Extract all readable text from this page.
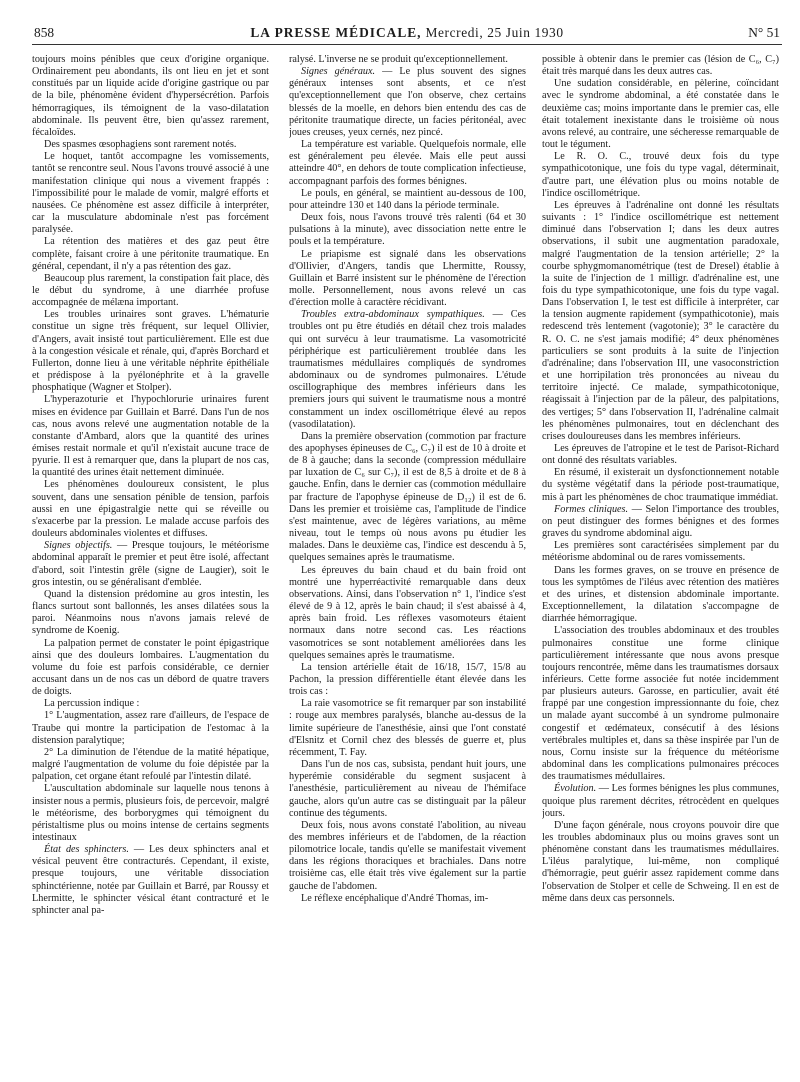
858	LA PRESSE MÉDICALE, Mercredi, 25 Juin 1930	N° 51

toujours moins pénibles que ceux d'origine organique. Ordinairement peu abondants, ils ont lieu en jet et sont constitués par un liquide acide d'origine gastrique ou par de la bile, phénomène évident d'hypersécrétion. Parfois hémorragiques, ils témoignent de la vaso-dilatation abdominale. Ils peuvent être, bien qu'assez rarement, fécaloïdes.

Des spasmes œsophagiens sont rarement notés.

Le hoquet, tantôt accompagne les vomissements, tantôt se rencontre seul. Nous l'avons trouvé associé à une manifestation clinique qui nous a vivement frappés : l'impossibilité pour le malade de vomir, malgré efforts et nausées. Ce phénomène est assez difficile à interpréter, car la musculature abdominale n'est pas forcément paralysée.

La rétention des matières et des gaz peut être complète, faisant croire à une péritonite traumatique. En général, cependant, il n'y a pas rétention des gaz.

Beaucoup plus rarement, la constipation fait place, dès le début du syndrome, à une diarrhée profuse accompagnée de mélæna important.

Les troubles urinaires sont graves. L'hématurie constitue un signe très fréquent, sur lequel Ollivier, d'Angers, avait insisté tout particulièrement. Elle est due à la congestion vésicale et rénale, qui, d'après Borchard et Fullerton, donne lieu à une véritable néphrite épithéliale et prédispose à la pyélonéphrite et à la gravelle phosphatique (Wagner et Stolper).

L'hyperazoturie et l'hypochlorurie urinaires furent mises en évidence par Guillain et Barré. Dans l'un de nos cas, nous avons relevé une augmentation notable de la constante d'Ambard, alors que la quantité des urines émises restait normale et qu'il n'existait aucune trace de pyurie. Il est à remarquer que, dans la plupart de nos cas, la quantité des urines était nettement diminuée.

Les phénomènes douloureux consistent, le plus souvent, dans une sensation pénible de tension, parfois aussi en une épigastralgie nette qui se réveille ou s'exacerbe par la pression. Le malade accuse parfois des douleurs abdominales violentes et diffuses.

Signes objectifs. — Presque toujours, le météorisme abdominal apparaît le premier et peut être isolé, affectant d'abord, soit l'intestin grêle (signe de Laugier), soit le gros intestin, ou se généralisant d'emblée.

Quand la distension prédomine au gros intestin, les flancs surtout sont ballonnés, les anses dilatées sous la paroi. Néanmoins nous n'avons jamais relevé de syndrome de Koenig.

La palpation permet de constater le point épigastrique ainsi que des douleurs lombaires. L'augmentation du volume du foie est parfois considérable, ce dernier accusant dans un de nos cas un débord de quatre travers de doigts.

La percussion indique :

1° L'augmentation, assez rare d'ailleurs, de l'espace de Traube qui montre la participation de l'estomac à la distension paralytique;

2° La diminution de l'étendue de la matité hépatique, malgré l'augmentation de volume du foie dépistée par la palpation, cet organe étant refoulé par l'intestin dilaté.

L'auscultation abdominale sur laquelle nous tenons à insister nous a permis, plusieurs fois, de percevoir, malgré le météorisme, des borborygmes qui témoignent du péristaltisme plus ou moins intense de certains segments intestinaux

État des sphincters. — Les deux sphincters anal et vésical peuvent être contracturés. Cependant, il existe, presque toujours, une véritable dissociation sphinctérienne, notée par Guillain et Barré, par Roussy et Lhermitte, le sphincter vésical étant contracturé et le sphincter anal pa-

ralysé. L'inverse ne se produit qu'exceptionnellement.

Signes généraux. — Le plus souvent des signes généraux intenses sont absents, et ce n'est qu'exceptionnellement que l'on observe, chez certains blessés de la moelle, en dehors bien entendu des cas de péritonite traumatique directe, un facies péritonéal, avec joues creuses, yeux cernés, nez pincé.

La température est variable. Quelquefois normale, elle est généralement peu élevée. Mais elle peut aussi atteindre 40°, en dehors de toute complication infectieuse, accompagnant parfois des formes bénignes.

Le pouls, en général, se maintient au-dessous de 100, pour atteindre 130 et 140 dans la période terminale.

Deux fois, nous l'avons trouvé très ralenti (64 et 30 pulsations à la minute), avec dissociation nette entre le pouls et la température.

Le priapisme est signalé dans les observations d'Ollivier, d'Angers, tandis que Lhermitte, Roussy, Guillain et Barré insistent sur le phénomène de l'érection molle. Personnellement, nous avons relevé un cas d'érection molle à caractère récidivant.

Troubles extra-abdominaux sympathiques. — Ces troubles ont pu être étudiés en détail chez trois malades qui ont survécu à leur traumatisme. La vasomotricité périphérique est particulièrement troublée dans les traumatismes médullaires compliqués de syndromes abdominaux ou de syndromes pulmonaires. L'étude oscillographique des membres inférieurs dans les premiers jours qui suivent le traumatisme nous a montré constamment un index oscillométrique élevé au repos (vasodilatation).

Dans la première observation (commotion par fracture des apophyses épineuses de C₆, C₇) il est de 10 à droite et de 8 à gauche; dans la seconde (compression médullaire par luxation de C₆ sur C₇), il est de 8,5 à droite et de 8 à gauche. Enfin, dans le dernier cas (commotion médullaire par fracture de l'apophyse épineuse de D₁₂) il est de 6. Dans les premier et troisième cas, l'amplitude de l'indice s'est maintenue, avec de légères variations, au même niveau, tout le temps où nous avons pu étudier les malades. Dans le deuxième cas, l'indice est descendu à 5, quelques semaines après le traumatisme.

Les épreuves du bain chaud et du bain froid ont montré une hyperréactivité remarquable dans deux observations. Ainsi, dans l'observation n° 1, l'indice s'est élevé de 9 à 12, après le bain chaud; il s'est abaissé à 4, après bain froid. Les réflexes vasomoteurs étaient normaux dans notre second cas. Les réactions vasomotrices se sont notablement améliorées dans les quelques semaines après le traumatisme.

La tension artérielle était de 16/18, 15/7, 15/8 au Pachon, la pression différentielle étant élevée dans les trois cas :

La raie vasomotrice se fit remarquer par son instabilité : rouge aux membres paralysés, blanche au-dessus de la limite supérieure de l'anesthésie, ainsi que l'ont constaté d'Elsnitz et Cornil chez des blessés de guerre et, plus récemment, T. Fay.

Dans l'un de nos cas, subsista, pendant huit jours, une hyperémie considérable du segment susjacent à l'anesthésie, particulièrement au niveau de l'hémiface gauche, alors qu'un autre cas se distinguait par la pâleur continue des téguments.

Deux fois, nous avons constaté l'abolition, au niveau des membres inférieurs et de l'abdomen, de la réaction pilomotrice locale, tandis qu'elle se manifestait vivement dans les régions thoraciques et brachiales. Dans notre troisième cas, elle était très vive également sur la partie gauche de l'abdomen.

Le réflexe encéphalique d'André Thomas, im-

possible à obtenir dans le premier cas (lésion de C₆, C₇) était très marqué dans les deux autres cas.

Une sudation considérable, en pèlerine, coïncidant avec le syndrome abdominal, a été constatée dans le deuxième cas; moins importante dans le premier cas, elle était totalement inexistante dans le troisième où nous avons relevé, au contraire, une sécheresse remarquable de tout le tégument.

Le R. O. C., trouvé deux fois du type sympathicotonique, une fois du type vagal, déterminait, d'autre part, une élévation plus ou moins notable de l'indice oscillométrique.

Les épreuves à l'adrénaline ont donné les résultats suivants : 1° l'indice oscillométrique est nettement diminué dans l'observation I; dans les deux autres observations, il subit une augmentation paradoxale, malgré l'augmentation de la tension artérielle; 2° la courbe sphygmomanométrique (test de Dresel) établie à la suite de l'injection de 1 milligr. d'adrénaline est, une fois du type sympathicotonique, une fois du type vagal. Dans l'observation I, le test est difficile à interpréter, car la tension augmente rapidement (sympathicotonie), mais redescend très lentement (vagotonie); 3° le caractère du R. O. C. ne s'est jamais modifié; 4° deux phénomènes particuliers se sont produits à la suite de l'injection d'adrénaline; dans l'observation III, une vasoconstriction et une horripilation très prononcées au niveau du territoire injecté. Ce malade, sympathicotonique, réagissait à l'injection par de la pâleur, des palpitations, des vertiges; 5° dans l'observation II, l'adrénaline calmait les phénomènes pulmonaires, tout en déclenchant des crises douloureuses dans les membres inférieurs.

Les épreuves de l'atropine et le test de Parisot-Richard ont donné des résultats variables.

En résumé, il existerait un dysfonctionnement notable du système végétatif dans la période post-traumatique, mis à part les phénomènes de choc traumatique immédiat.

Formes cliniques. — Selon l'importance des troubles, on peut distinguer des formes bénignes et des formes graves du syndrome abdominal aigu.

Les premières sont caractérisées simplement par du météorisme abdominal ou de rares vomissements.

Dans les formes graves, on se trouve en présence de tous les symptômes de l'iléus avec rétention des matières et des urines, et distension abdominale importante. Exceptionnellement, la dilatation s'accompagne de diarrhée hémorragique.

L'association des troubles abdominaux et des troubles pulmonaires constitue une forme clinique particulièrement intéressante que nous avons presque toujours rencontrée, même dans les traumatismes dorsaux inférieurs. Cette forme associée fut notée incidemment par plusieurs auteurs. Garosse, en particulier, avait été frappé par une congestion impressionnante du foie, chez un malade ayant succombé à un syndrome pulmonaire congestif et œdémateux, consécutif à des lésions vertébrales multiples et, dans sa thèse inspirée par l'un de nous, Cornu insiste sur la fréquence du météorisme abdominal dans les complications pulmonaires précoces des traumatismes médullaires.

Évolution. — Les formes bénignes les plus communes, quoique plus rarement décrites, rétrocèdent en quelques jours.

D'une façon générale, nous croyons pouvoir dire que les troubles abdominaux plus ou moins graves sont un phénomène constant dans les traumatismes médullaires. L'iléus paralytique, lui-même, non compliqué d'hémorragie, peut guérir assez rapidement comme dans l'observation de Stolper et celle de Schweing. Il en est de même dans deux cas personnels.
